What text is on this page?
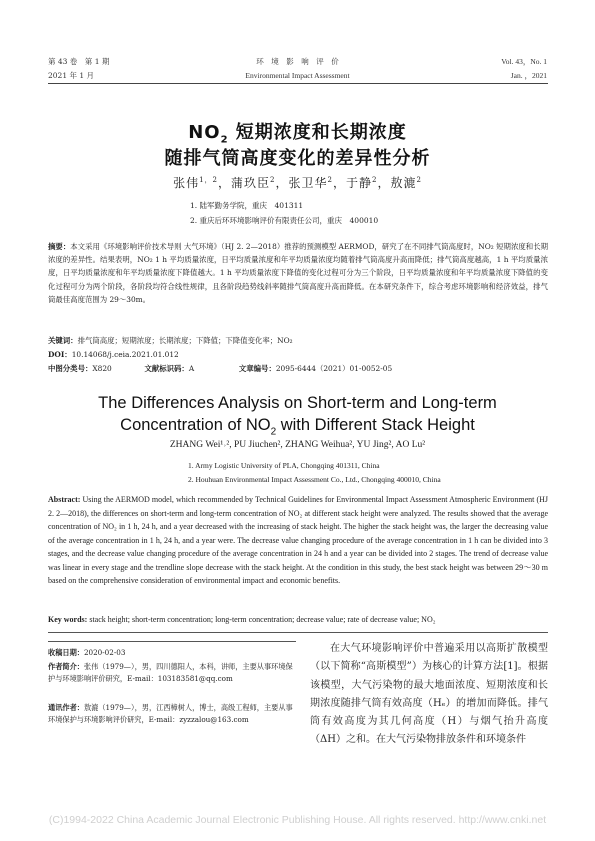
第 43 卷　第 1 期
2021 年 1 月
环　境　影　响　评　价
Environmental Impact Assessment
Vol. 43，No. 1
Jan. ，2021
$NO_2$ 短期浓度和长期浓度
随排气筒高度变化的差异性分析
张伟$^{1,2}$，蒲玖臣$^2$，张卫华$^2$，于静$^2$，敖漉$^2$
1. 陆军勤务学院，重庆　401311
2. 重庆后环环境影响评价有限责任公司，重庆　400010
摘要：本文采用《环境影响评价技术导则 大气环境》（HJ 2. 2—2018）推荐的预测模型 AERMOD，研究了在不同排气筒高度时，NO₂ 短期浓度和长期浓度的差异性。结果表明，NO₂ 1 h 平均质量浓度，日平均质量浓度和年平均质量浓度均随着排气筒高度升高而降低；排气筒高度越高，1 h 平均质量浓度，日平均质量浓度和年平均质量浓度下降值越大。1 h 平均质量浓度下降值的变化过程可分为三个阶段，日平均质量浓度和年平均质量浓度下降值的变化过程可分为两个阶段，各阶段均符合线性规律，且各阶段趋势线斜率随排气筒高度升高而降低。在本研究条件下，综合考虑环境影响和经济效益，排气筒最佳高度范围为 29～30m。
关键词：排气筒高度；短期浓度；长期浓度；下降值；下降值变化率；NO₂
DOI：10.14068/j.ceia.2021.01.012
中图分类号：X820	文献标识码：A	文章编号：2095-6444（2021）01-0052-05
The Differences Analysis on Short-term and Long-term
Concentration of $NO_2$ with Different Stack Height
ZHANG Wei¹˒², PU Jiuchen², ZHANG Weihua², YU Jing², AO Lu²
1. Army Logistic University of PLA, Chongqing 401311, China
2. Houhuan Environmental Impact Assessment Co., Ltd., Chongqing 400010, China
Abstract: Using the AERMOD model, which recommended by Technical Guidelines for Environmental Impact Assessment Atmospheric Environment (HJ 2. 2—2018), the differences on short-term and long-term concentration of NO₂ at different stack height were analyzed. The results showed that the average concentration of NO₂ in 1 h, 24 h, and a year decreased with the increasing of stack height. The higher the stack height was, the larger the decreasing value of the average concentration in 1 h, 24 h, and a year were. The decrease value changing procedure of the average concentration in 1 h can be divided into 3 stages, and the decrease value changing procedure of the average concentration in 24 h and a year can be divided into 2 stages. The trend of decrease value was linear in every stage and the trendline slope decrease with the stack height. At the condition in this study, the best stack height was between 29～30 m based on the comprehensive consideration of environmental impact and economic benefits.
Key words: stack height; short-term concentration; long-term concentration; decrease value; rate of decrease value; NO₂
收稿日期：2020-02-03
作者简介：张伟（1979—），男，四川德阳人，本科，讲师，主要从事环境保护与环境影响评价研究，E-mail：103183581@qq.com
通讯作者：敖漉（1979—），男，江西樟树人，博士，高级工程师，主要从事环境保护与环境影响评价研究，E-mail：zyzzalou@163.com
在大气环境影响评价中普遍采用以高斯扩散模型（以下简称“高斯模型”）为核心的计算方法[1]。根据该模型，大气污染物的最大地面浓度、短期浓度和长期浓度随排气筒有效高度（Hₑ）的增加而降低。排气筒有效高度为其几何高度（H）与烟气抬升高度（ΔH）之和。在大气污染物排放条件和环境条件
(C)1994-2022 China Academic Journal Electronic Publishing House. All rights reserved. http://www.cnki.net
